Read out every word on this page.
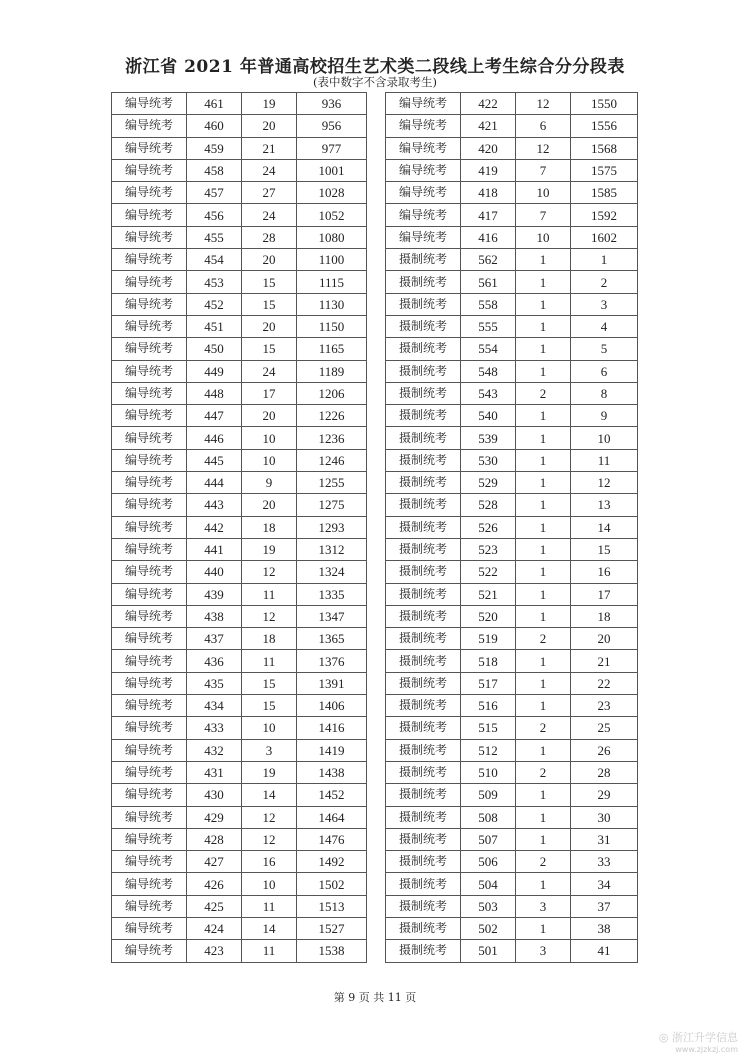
浙江省 2021 年普通高校招生艺术类二段线上考生综合分分段表
(表中数字不含录取考生)
编导统考	461	19	936
编导统考	460	20	956
编导统考	459	21	977
编导统考	458	24	1001
编导统考	457	27	1028
编导统考	456	24	1052
编导统考	455	28	1080
编导统考	454	20	1100
编导统考	453	15	1115
编导统考	452	15	1130
编导统考	451	20	1150
编导统考	450	15	1165
编导统考	449	24	1189
编导统考	448	17	1206
编导统考	447	20	1226
编导统考	446	10	1236
编导统考	445	10	1246
编导统考	444	9	1255
编导统考	443	20	1275
编导统考	442	18	1293
编导统考	441	19	1312
编导统考	440	12	1324
编导统考	439	11	1335
编导统考	438	12	1347
编导统考	437	18	1365
编导统考	436	11	1376
编导统考	435	15	1391
编导统考	434	15	1406
编导统考	433	10	1416
编导统考	432	3	1419
编导统考	431	19	1438
编导统考	430	14	1452
编导统考	429	12	1464
编导统考	428	12	1476
编导统考	427	16	1492
编导统考	426	10	1502
编导统考	425	11	1513
编导统考	424	14	1527
编导统考	423	11	1538
编导统考	422	12	1550
编导统考	421	6	1556
编导统考	420	12	1568
编导统考	419	7	1575
编导统考	418	10	1585
编导统考	417	7	1592
编导统考	416	10	1602
摄制统考	562	1	1
摄制统考	561	1	2
摄制统考	558	1	3
摄制统考	555	1	4
摄制统考	554	1	5
摄制统考	548	1	6
摄制统考	543	2	8
摄制统考	540	1	9
摄制统考	539	1	10
摄制统考	530	1	11
摄制统考	529	1	12
摄制统考	528	1	13
摄制统考	526	1	14
摄制统考	523	1	15
摄制统考	522	1	16
摄制统考	521	1	17
摄制统考	520	1	18
摄制统考	519	2	20
摄制统考	518	1	21
摄制统考	517	1	22
摄制统考	516	1	23
摄制统考	515	2	25
摄制统考	512	1	26
摄制统考	510	2	28
摄制统考	509	1	29
摄制统考	508	1	30
摄制统考	507	1	31
摄制统考	506	2	33
摄制统考	504	1	34
摄制统考	503	3	37
摄制统考	502	1	38
摄制统考	501	3	41
第 9 页 共 11 页
◎ 浙江升学信息
www.zjzkzj.com
